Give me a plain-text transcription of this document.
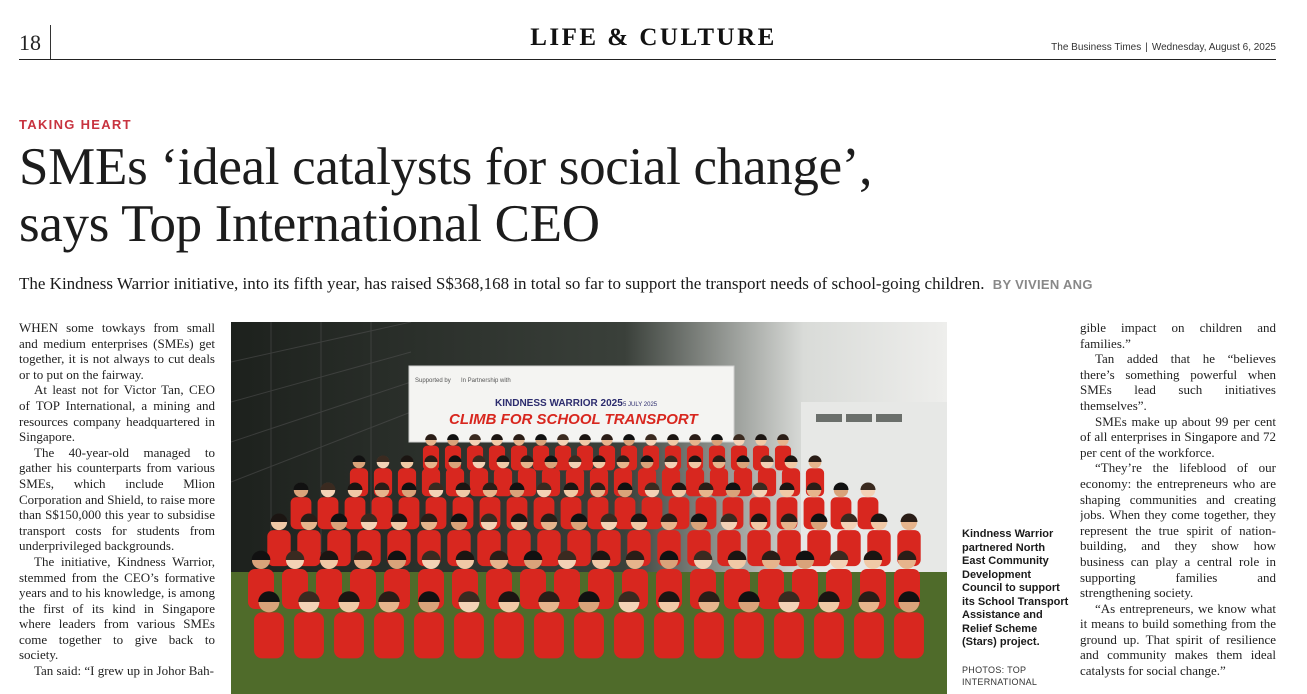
18	LIFE & CULTURE	The Business Times | Wednesday, August 6, 2025
TAKING HEART
SMEs ‘ideal catalysts for social change’,
says Top International CEO
The Kindness Warrior initiative, into its fifth year, has raised S$368,168 in total so far to support the transport needs of school-going children. BY VIVIEN ANG

WHEN some towkays from small and medium enterprises (SMEs) get together, it is not always to cut deals or to put on the fairway.

At least not for Victor Tan, CEO of TOP International, a mining and resources company headquartered in Singapore.

The 40-year-old managed to gather his counterparts from various SMEs, which include Mlion Corporation and Shield, to raise more than S$150,000 this year to subsidise transport costs for students from underprivileged backgrounds.

The initiative, Kindness Warrior, stemmed from the CEO’s formative years and to his knowledge, is among the first of its kind in Singapore where leaders from various SMEs come together to give back to society.

Tan said: “I grew up in Johor Bah-

Supported by In Partnership with
KINDNESS WARRIOR 2025 5 JULY 2025
CLIMB FOR SCHOOL TRANSPORT
Kindness Warrior partnered North East Community Development Council to support its School Transport Assistance and Relief Scheme (Stars) project.
PHOTOS: TOP INTERNATIONAL

gible impact on children and families.”

Tan added that he “believes there’s something powerful when SMEs lead such initiatives themselves”.

SMEs make up about 99 per cent of all enterprises in Singapore and 72 per cent of the workforce.

“They’re the lifeblood of our economy: the entrepreneurs who are shaping communities and creating jobs. When they come together, they represent the true spirit of nation-building, and they show how business can play a central role in supporting families and strengthening society.

“As entrepreneurs, we know what it means to build something from the ground up. That spirit of resilience and community makes them ideal catalysts for social change.”
